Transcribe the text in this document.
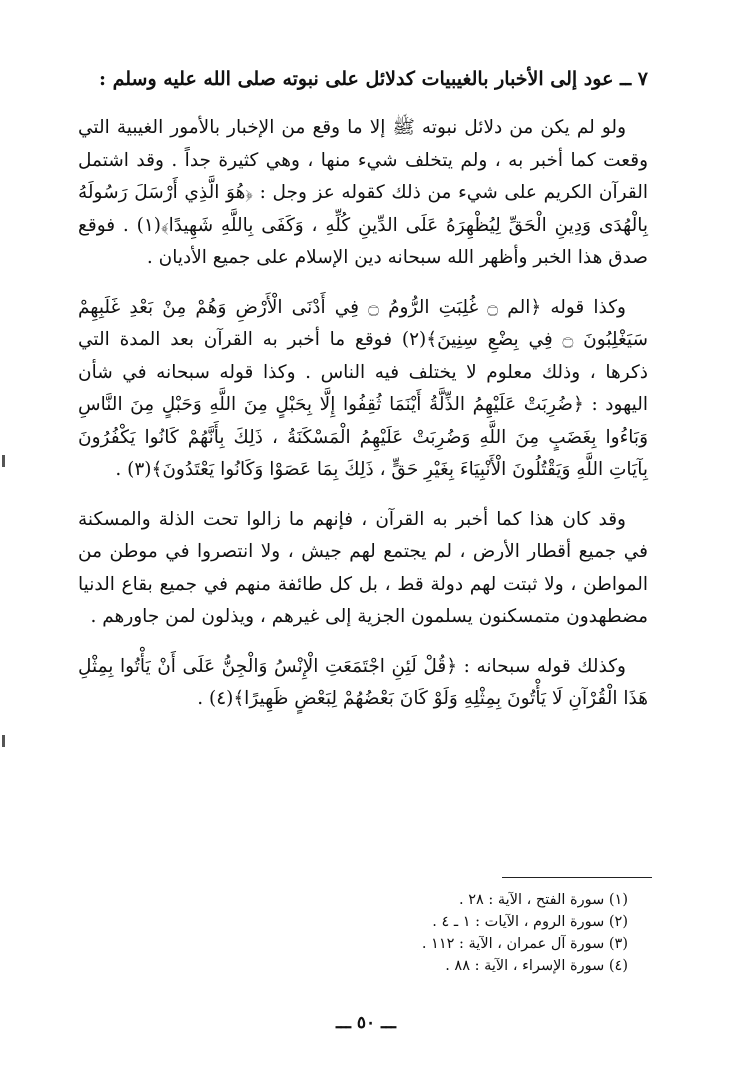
٧ ــ عود إلى الأخبار بالغيبيات كدلائل على نبوته صلى الله عليه وسلم :

ولو لم يكن من دلائل نبوته ﷺ إلا ما وقع من الإخبار بالأمور الغيبية التي وقعت كما أخبر به ، ولم يتخلف شيء منها ، وهي كثيرة جداً . وقد اشتمل القرآن الكريم على شيء من ذلك كقوله عز وجل : ﴿هُوَ الَّذِي أَرْسَلَ رَسُولَهُ بِالْهُدَى وَدِينِ الْحَقِّ لِيُظْهِرَهُ عَلَى الدِّينِ كُلِّهِ ، وَكَفَى بِاللَّهِ شَهِيدًا﴾(١) . فوقع صدق هذا الخبر وأظهر الله سبحانه دين الإسلام على جميع الأديان .

وكذا قوله ﴿الم ۝ غُلِبَتِ الرُّومُ ۝ فِي أَدْنَى الْأَرْضِ وَهُمْ مِنْ بَعْدِ غَلَبِهِمْ سَيَغْلِبُونَ ۝ فِي بِضْعِ سِنِينَ﴾(٢) فوقع ما أخبر به القرآن بعد المدة التي ذكرها ، وذلك معلوم لا يختلف فيه الناس . وكذا قوله سبحانه في شأن اليهود : ﴿ضُرِبَتْ عَلَيْهِمُ الذِّلَّةُ أَيْنَمَا ثُقِفُوا إِلَّا بِحَبْلٍ مِنَ اللَّهِ وَحَبْلٍ مِنَ النَّاسِ وَبَاءُوا بِغَضَبٍ مِنَ اللَّهِ وَضُرِبَتْ عَلَيْهِمُ الْمَسْكَنَةُ ، ذَلِكَ بِأَنَّهُمْ كَانُوا يَكْفُرُونَ بِآيَاتِ اللَّهِ وَيَقْتُلُونَ الْأَنْبِيَاءَ بِغَيْرِ حَقٍّ ، ذَلِكَ بِمَا عَصَوْا وَكَانُوا يَعْتَدُونَ﴾(٣) .

وقد كان هذا كما أخبر به القرآن ، فإنهم ما زالوا تحت الذلة والمسكنة في جميع أقطار الأرض ، لم يجتمع لهم جيش ، ولا انتصروا في موطن من المواطن ، ولا ثبتت لهم دولة قط ، بل كل طائفة منهم في جميع بقاع الدنيا مضطهدون متمسكنون يسلمون الجزية إلى غيرهم ، ويذلون لمن جاورهم .

وكذلك قوله سبحانه : ﴿قُلْ لَئِنِ اجْتَمَعَتِ الْإِنْسُ وَالْجِنُّ عَلَى أَنْ يَأْتُوا بِمِثْلِ هَذَا الْقُرْآنِ لَا يَأْتُونَ بِمِثْلِهِ وَلَوْ كَانَ بَعْضُهُمْ لِبَعْضٍ ظَهِيرًا﴾(٤) .

(١) سورة الفتح ، الآية : ٢٨ .

(٢) سورة الروم ، الآيات : ١ ـ ٤ .

(٣) سورة آل عمران ، الآية : ١١٢ .

(٤) سورة الإسراء ، الآية : ٨٨ .

ـــ ٥٠ ـــ
